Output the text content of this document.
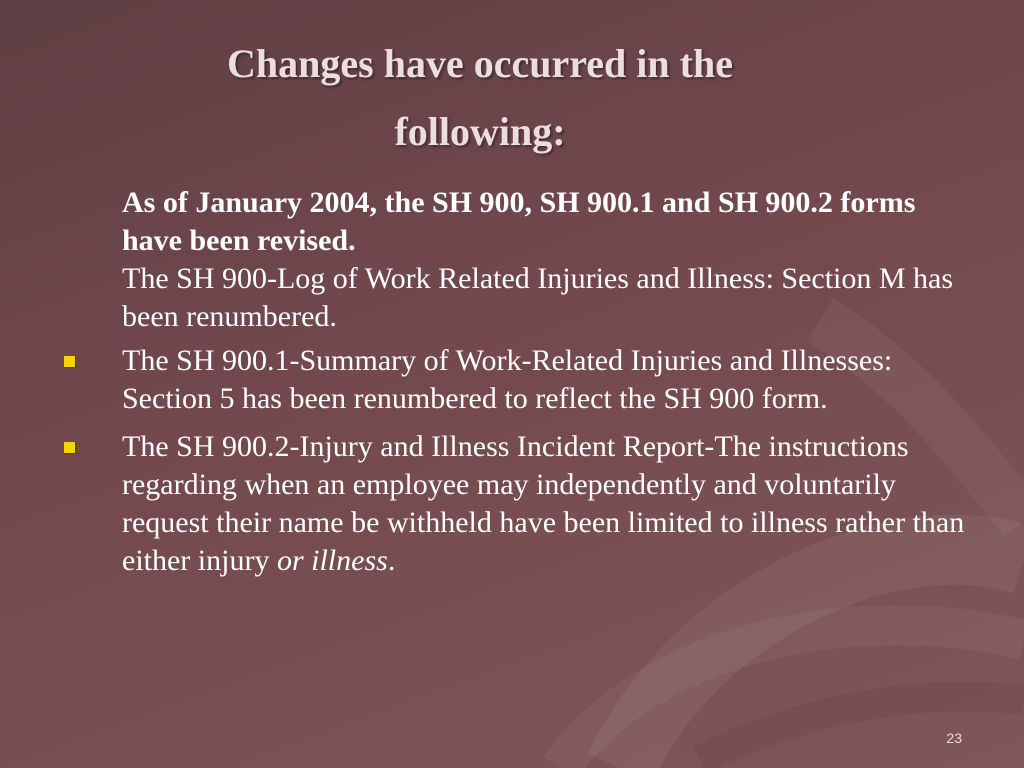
Changes have occurred in the
following:
As of January 2004, the SH 900, SH 900.1 and SH 900.2 forms have been revised.
The SH 900-Log of Work Related Injuries and Illness: Section M has been renumbered.
The SH 900.1-Summary of Work-Related Injuries and Illnesses: Section 5 has been renumbered to reflect the SH 900 form.
The SH 900.2-Injury and Illness Incident Report-The instructions regarding when an employee may independently and voluntarily request their name be withheld have been limited to illness rather than either injury or illness.
23
